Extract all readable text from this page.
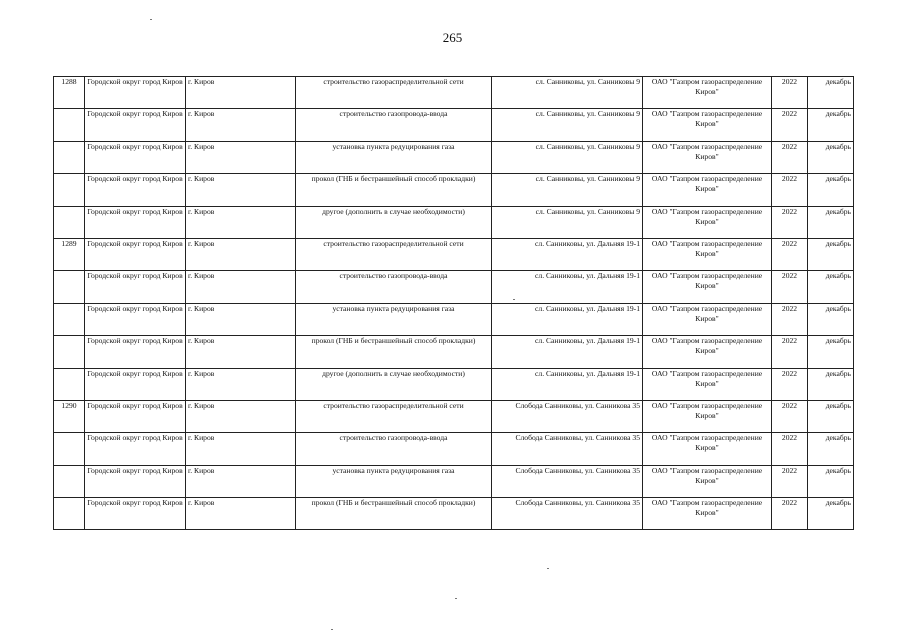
265
1288	Городской округ город Киров	г. Киров	строительство газораспределительной сети	сл. Санниковы, ул. Санниковы 9	ОАО "Газпром газораспределение Киров"	2022	декабрь
	Городской округ город Киров	г. Киров	строительство газопровода-ввода	сл. Санниковы, ул. Санниковы 9	ОАО "Газпром газораспределение Киров"	2022	декабрь
	Городской округ город Киров	г. Киров	установка пункта редуцирования газа	сл. Санниковы, ул. Санниковы 9	ОАО "Газпром газораспределение Киров"	2022	декабрь
	Городской округ город Киров	г. Киров	прокол (ГНБ и бестраншейный способ прокладки)	сл. Санниковы, ул. Санниковы 9	ОАО "Газпром газораспределение Киров"	2022	декабрь
	Городской округ город Киров	г. Киров	другое (дополнить в случае необходимости)	сл. Санниковы, ул. Санниковы 9	ОАО "Газпром газораспределение Киров"	2022	декабрь
1289	Городской округ город Киров	г. Киров	строительство газораспределительной сети	сл. Санниковы, ул. Дальняя 19-1	ОАО "Газпром газораспределение Киров"	2022	декабрь
	Городской округ город Киров	г. Киров	строительство газопровода-ввода	сл. Санниковы, ул. Дальняя 19-1	ОАО "Газпром газораспределение Киров"	2022	декабрь
	Городской округ город Киров	г. Киров	установка пункта редуцирования газа	сл. Санниковы, ул. Дальняя 19-1	ОАО "Газпром газораспределение Киров"	2022	декабрь
	Городской округ город Киров	г. Киров	прокол (ГНБ и бестраншейный способ прокладки)	сл. Санниковы, ул. Дальняя 19-1	ОАО "Газпром газораспределение Киров"	2022	декабрь
	Городской округ город Киров	г. Киров	другое (дополнить в случае необходимости)	сл. Санниковы, ул. Дальняя 19-1	ОАО "Газпром газораспределение Киров"	2022	декабрь
1290	Городской округ город Киров	г. Киров	строительство газораспределительной сети	Слобода Санниковы, ул. Санникова 35	ОАО "Газпром газораспределение Киров"	2022	декабрь
	Городской округ город Киров	г. Киров	строительство газопровода-ввода	Слобода Санниковы, ул. Санникова 35	ОАО "Газпром газораспределение Киров"	2022	декабрь
	Городской округ город Киров	г. Киров	установка пункта редуцирования газа	Слобода Санниковы, ул. Санникова 35	ОАО "Газпром газораспределение Киров"	2022	декабрь
	Городской округ город Киров	г. Киров	прокол (ГНБ и бестраншейный способ прокладки)	Слобода Санниковы, ул. Санникова 35	ОАО "Газпром газораспределение Киров"	2022	декабрь
